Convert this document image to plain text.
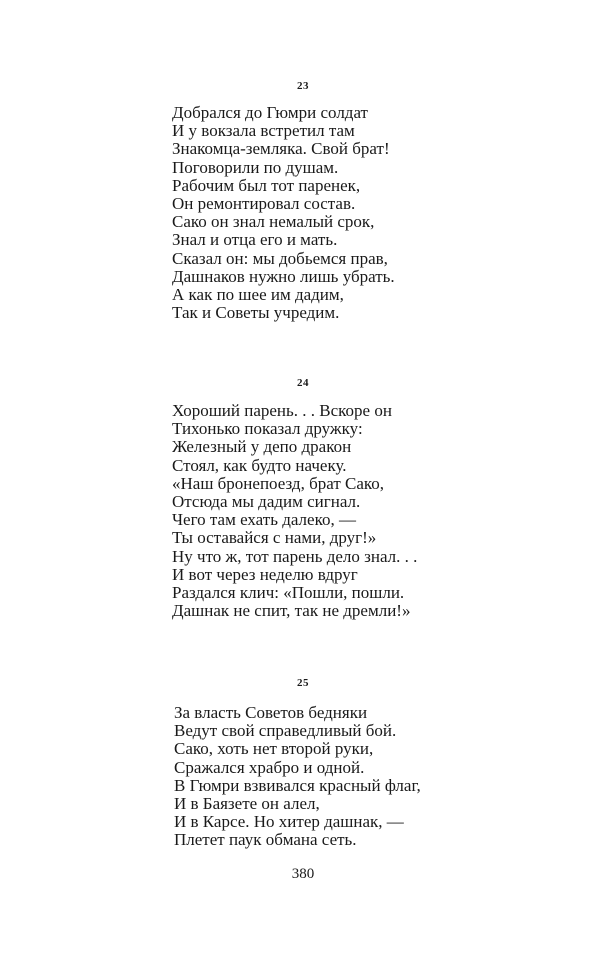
23
Добрался до Гюмри солдат
И у вокзала встретил там
Знакомца-земляка. Свой брат!
Поговорили по душам.
Рабочим был тот паренек,
Он ремонтировал состав.
Сако он знал немалый срок,
Знал и отца его и мать.
Сказал он: мы добьемся прав,
Дашнаков нужно лишь убрать.
А как по шее им дадим,
Так и Советы учредим.
24
Хороший парень. . . Вскоре он
Тихонько показал дружку:
Железный у депо дракон
Стоял, как будто начеку.
«Наш бронепоезд, брат Сако,
Отсюда мы дадим сигнал.
Чего там ехать далеко, —
Ты оставайся с нами, друг!»
Ну что ж, тот парень дело знал. . .
И вот через неделю вдруг
Раздался клич: «Пошли, пошли.
Дашнак не спит, так не дремли!»
25
За власть Советов бедняки
Ведут свой справедливый бой.
Сако, хоть нет второй руки,
Сражался храбро и одной.
В Гюмри взвивался красный флаг,
И в Баязете он алел,
И в Карсе. Но хитер дашнак, —
Плетет паук обмана сеть.
380
